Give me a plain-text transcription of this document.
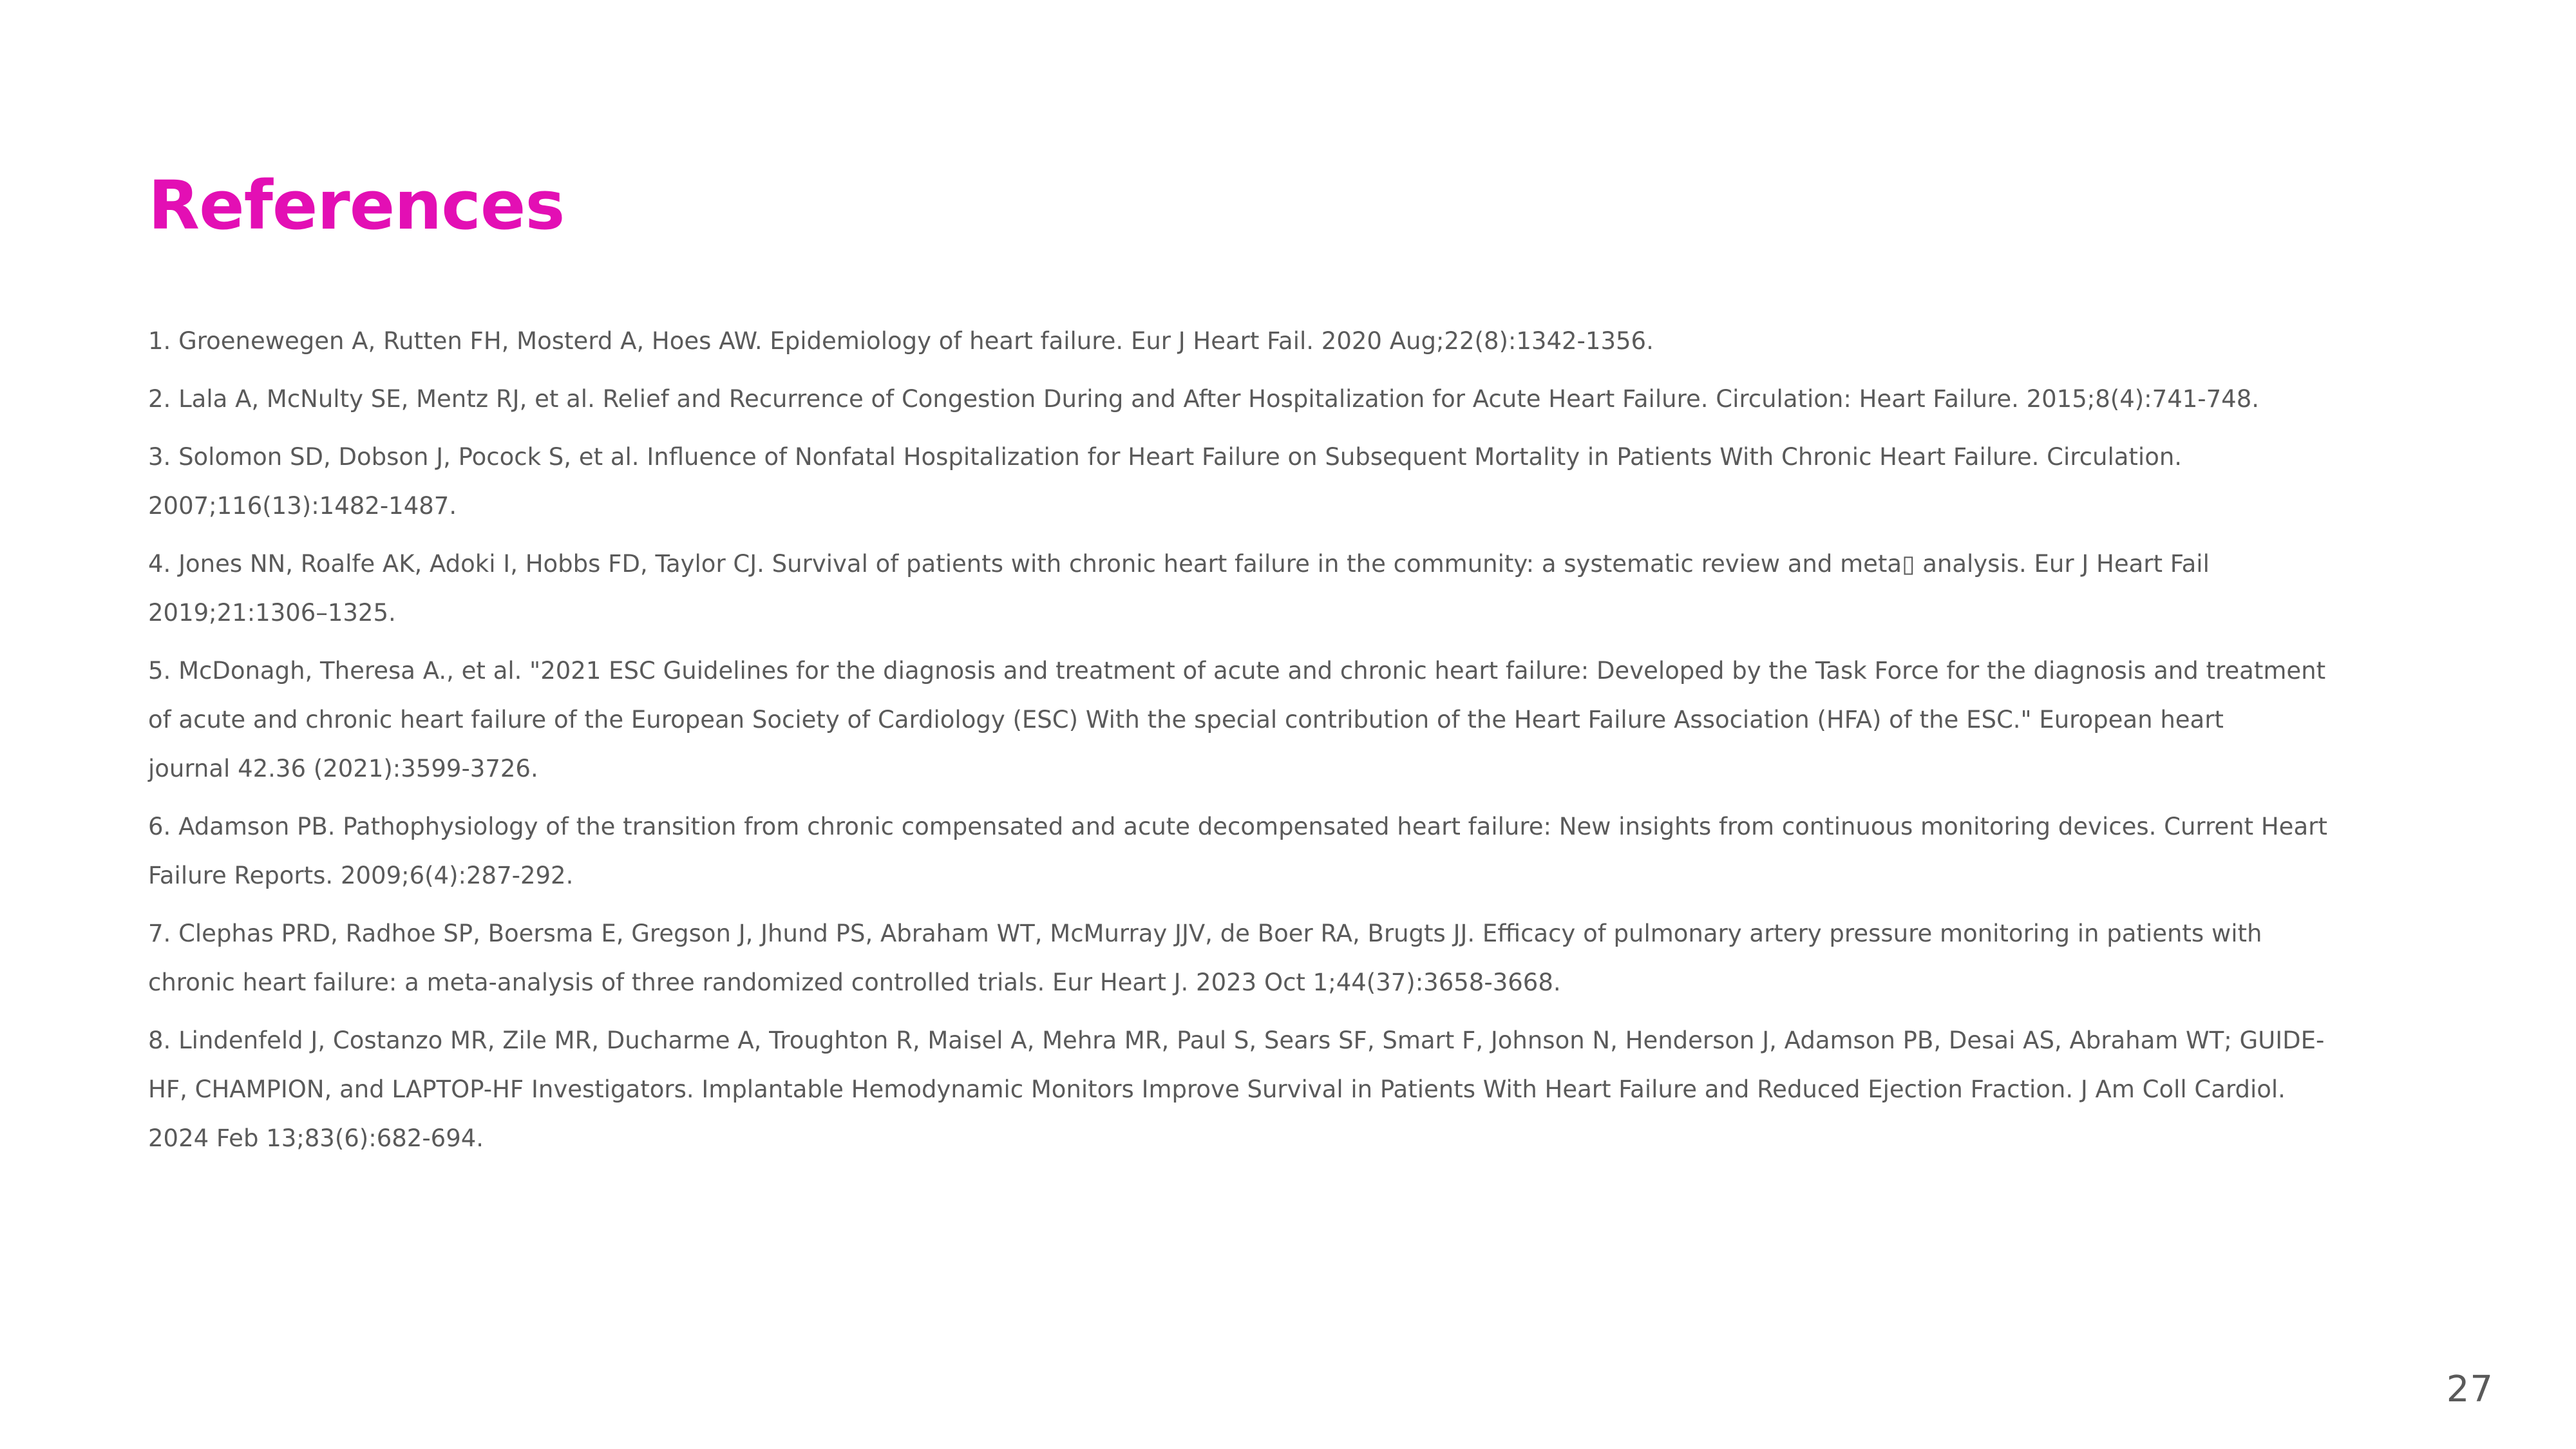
References
1. Groenewegen A, Rutten FH, Mosterd A, Hoes AW. Epidemiology of heart failure. Eur J Heart Fail. 2020 Aug;22(8):1342-1356.
2. Lala A, McNulty SE, Mentz RJ, et al. Relief and Recurrence of Congestion During and After Hospitalization for Acute Heart Failure. Circulation: Heart Failure. 2015;8(4):741-748.
3. Solomon SD, Dobson J, Pocock S, et al. Influence of Nonfatal Hospitalization for Heart Failure on Subsequent Mortality in Patients With Chronic Heart Failure. Circulation.
2007;116(13):1482-1487.
4. Jones NN, Roalfe AK, Adoki I, Hobbs FD, Taylor CJ. Survival of patients with chronic heart failure in the community: a systematic review and meta▯ analysis. Eur J Heart Fail
2019;21:1306–1325.
5. McDonagh, Theresa A., et al. "2021 ESC Guidelines for the diagnosis and treatment of acute and chronic heart failure: Developed by the Task Force for the diagnosis and treatment
of acute and chronic heart failure of the European Society of Cardiology (ESC) With the special contribution of the Heart Failure Association (HFA) of the ESC." European heart
journal 42.36 (2021):3599-3726.
6. Adamson PB. Pathophysiology of the transition from chronic compensated and acute decompensated heart failure: New insights from continuous monitoring devices. Current Heart
Failure Reports. 2009;6(4):287-292.
7. Clephas PRD, Radhoe SP, Boersma E, Gregson J, Jhund PS, Abraham WT, McMurray JJV, de Boer RA, Brugts JJ. Efficacy of pulmonary artery pressure monitoring in patients with
chronic heart failure: a meta-analysis of three randomized controlled trials. Eur Heart J. 2023 Oct 1;44(37):3658-3668.
8. Lindenfeld J, Costanzo MR, Zile MR, Ducharme A, Troughton R, Maisel A, Mehra MR, Paul S, Sears SF, Smart F, Johnson N, Henderson J, Adamson PB, Desai AS, Abraham WT; GUIDE-
HF, CHAMPION, and LAPTOP-HF Investigators. Implantable Hemodynamic Monitors Improve Survival in Patients With Heart Failure and Reduced Ejection Fraction. J Am Coll Cardiol.
2024 Feb 13;83(6):682-694.
27
